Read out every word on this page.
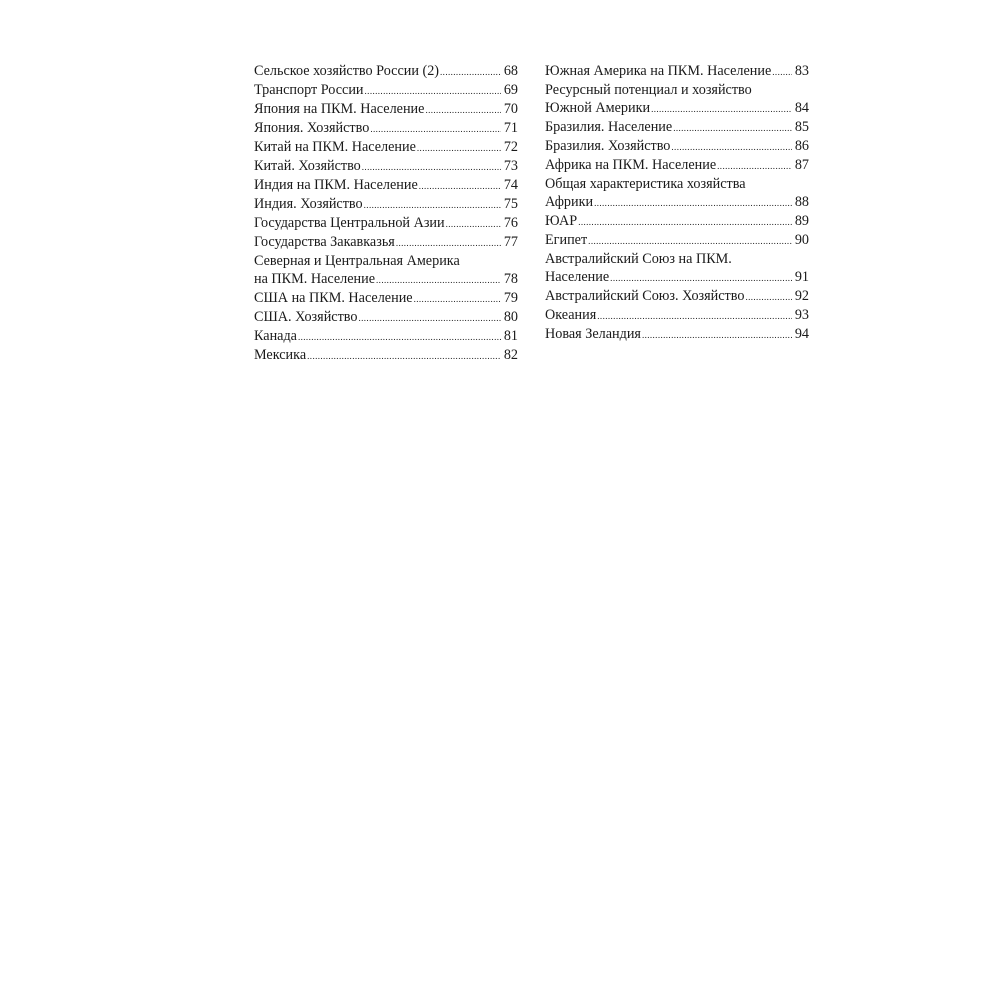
Сельское хозяйство России (2) .....	68
Транспорт России .....	69
Япония на ПКМ. Население .....	70
Япония. Хозяйство .....	71
Китай на ПКМ. Население .....	72
Китай. Хозяйство .....	73
Индия на ПКМ. Население .....	74
Индия. Хозяйство .....	75
Государства Центральной Азии .....	76
Государства Закавказья .....	77
Северная и Центральная Америка
на ПКМ. Население .....	78
США на ПКМ. Население .....	79
США. Хозяйство .....	80
Канада .....	81
Мексика .....	82
Южная Америка на ПКМ. Население ..... 83
Ресурсный потенциал и хозяйство
Южной Америки .....	84
Бразилия. Население .....	85
Бразилия. Хозяйство .....	86
Африка на ПКМ. Население .....	87
Общая характеристика хозяйства
Африки .....	88
ЮАР .....	89
Египет .....	90
Австралийский Союз на ПКМ.
Население .....	91
Австралийский Союз. Хозяйство .....	92
Океания .....	93
Новая Зеландия .....	94
